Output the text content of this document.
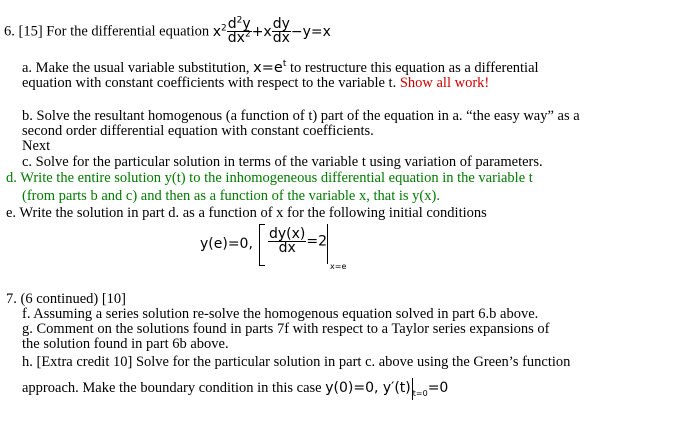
6. [15] For the differential equation $x^2 \frac{d^2y}{dx^2} +x \frac{dy}{dx} -y=x$
a. Make the usual variable substitution, $x=e^t$ to restructure this equation as a differential
equation with constant coefficients with respect to the variable t. Show all work!
b. Solve the resultant homogenous (a function of t) part of the equation in a. “the easy way” as a
second order differential equation with constant coefficients.
Next
c. Solve for the particular solution in terms of the variable t using variation of parameters.
d. Write the entire solution y(t) to the inhomogeneous differential equation in the variable t
(from parts b and c) and then as a function of the variable x, that is y(x).
e. Write the solution in part d. as a function of x for the following initial conditions
y(e)=0, $\frac{dy(x)}{dx} =2$
x=e
7. (6 continued) [10]
f. Assuming a series solution re-solve the homogenous equation solved in part 6.b above.
g. Comment on the solutions found in parts 7f with respect to a Taylor series expansions of
the solution found in part 6b above.
h. [Extra credit 10] Solve for the particular solution in part c. above using the Green’s function
approach. Make the boundary condition in this case y(0)=0, y′(t) $_{t=0}$=0
